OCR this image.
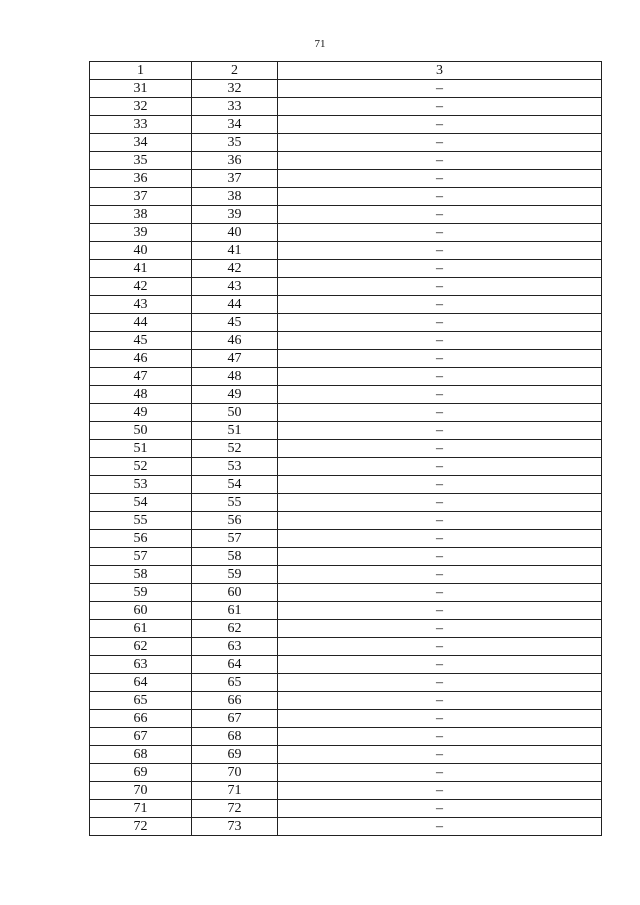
71
1	2	3
31	32	–
32	33	–
33	34	–
34	35	–
35	36	–
36	37	–
37	38	–
38	39	–
39	40	–
40	41	–
41	42	–
42	43	–
43	44	–
44	45	–
45	46	–
46	47	–
47	48	–
48	49	–
49	50	–
50	51	–
51	52	–
52	53	–
53	54	–
54	55	–
55	56	–
56	57	–
57	58	–
58	59	–
59	60	–
60	61	–
61	62	–
62	63	–
63	64	–
64	65	–
65	66	–
66	67	–
67	68	–
68	69	–
69	70	–
70	71	–
71	72	–
72	73	–
